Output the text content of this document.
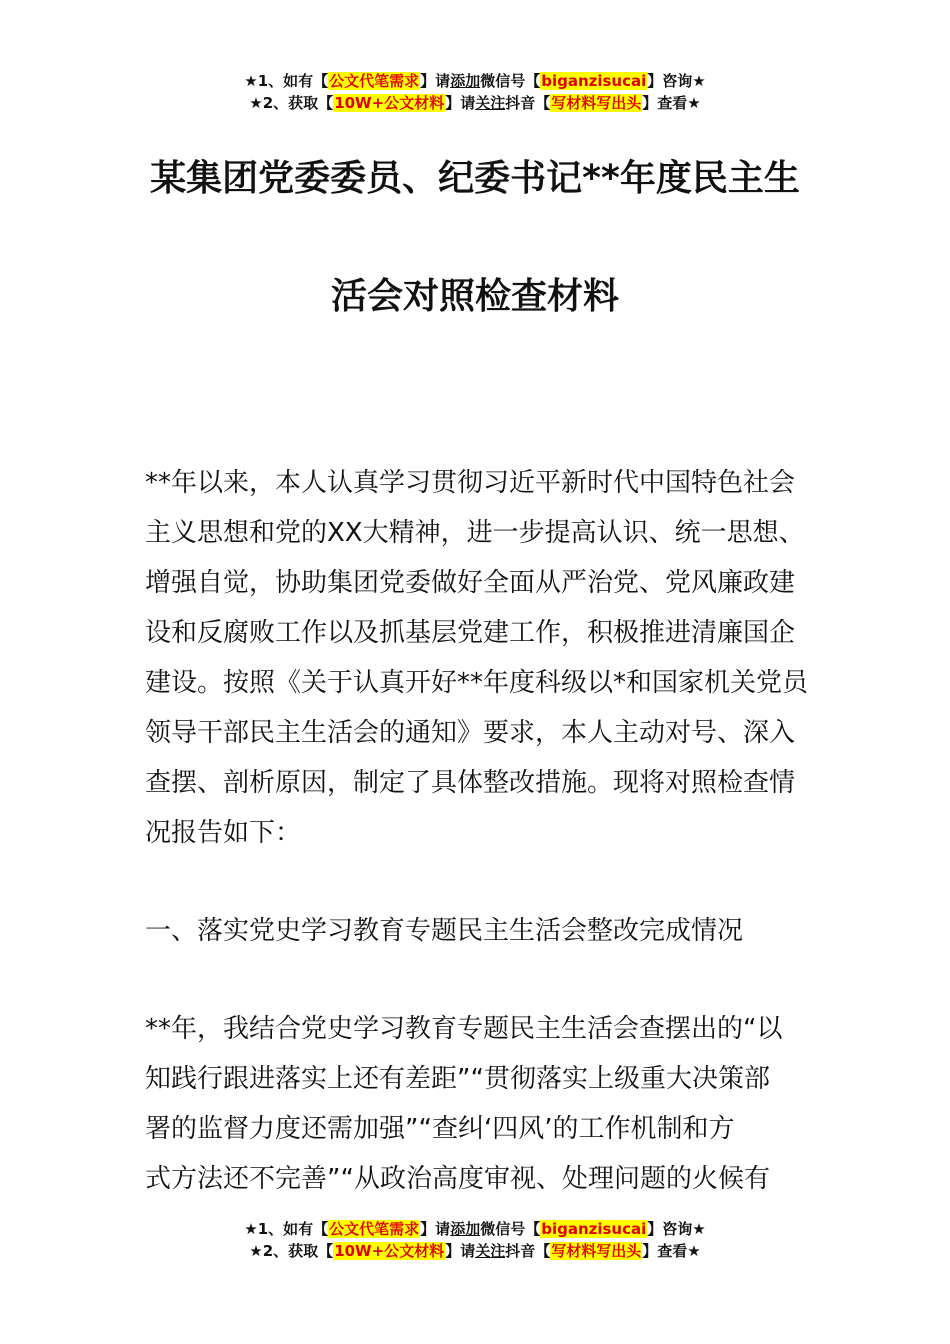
★1、如有【公文代笔需求】请添加微信号【biganzisucai】咨询★
★2、获取【10W+公文材料】请关注抖音【写材料写出头】查看★
某集团党委委员、纪委书记**年度民主生
活会对照检查材料
**年以来，本人认真学习贯彻习近平新时代中国特色社会
主义思想和党的XX大精神，进一步提高认识、统一思想、
增强自觉，协助集团党委做好全面从严治党、党风廉政建
设和反腐败工作以及抓基层党建工作，积极推进清廉国企
建设。按照《关于认真开好**年度科级以*和国家机关党员
领导干部民主生活会的通知》要求，本人主动对号、深入
查摆、剖析原因，制定了具体整改措施。现将对照检查情
况报告如下：
一、落实党史学习教育专题民主生活会整改完成情况
**年，我结合党史学习教育专题民主生活会查摆出的“以
知践行跟进落实上还有差距”“贯彻落实上级重大决策部
署的监督力度还需加强”“查纠‘四风’的工作机制和方
式方法还不完善”“从政治高度审视、处理问题的火候有
★1、如有【公文代笔需求】请添加微信号【biganzisucai】咨询★
★2、获取【10W+公文材料】请关注抖音【写材料写出头】查看★
